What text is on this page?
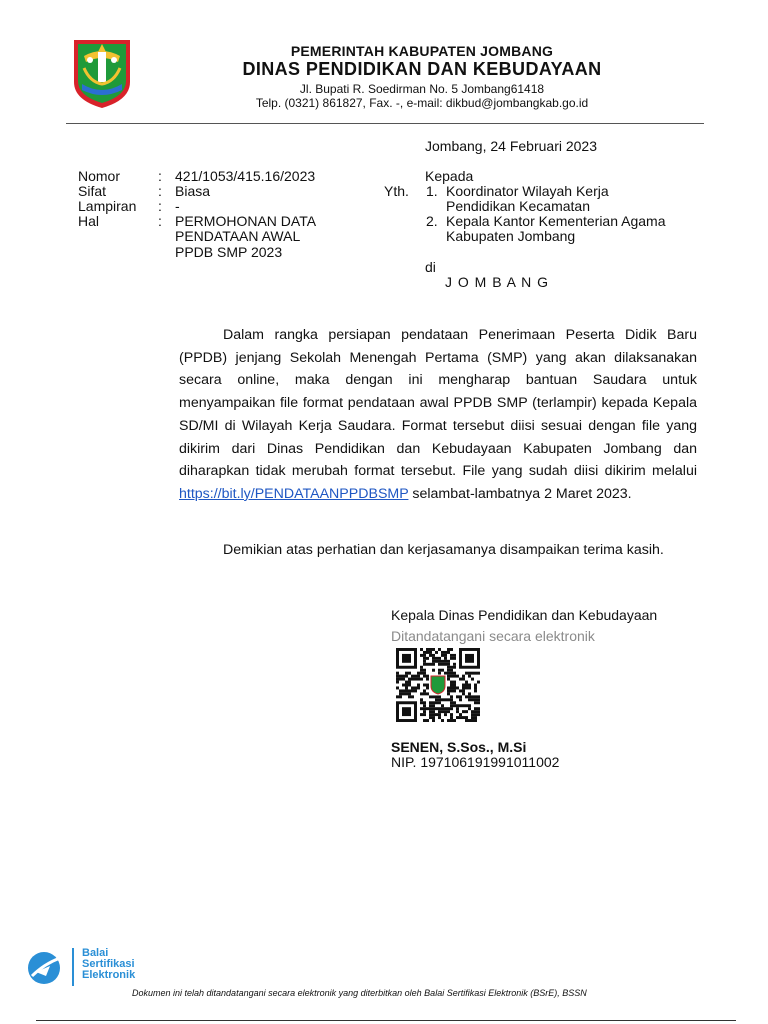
PEMERINTAH KABUPATEN JOMBANG
DINAS PENDIDIKAN DAN KEBUDAYAAN
Jl. Bupati R. Soedirman No. 5 Jombang61418
Telp. (0321) 861827, Fax. -, e-mail: dikbud@jombangkab.go.id
Jombang, 24 Februari 2023
Nomor	: 421/1053/415.16/2023
Sifat	: Biasa
Lampiran : -
Hal	: PERMOHONAN DATA
PENDATAAN AWAL
PPDB SMP 2023
Kepada
Yth. 1. Koordinator Wilayah Kerja
Pendidikan Kecamatan
2. Kepala Kantor Kementerian Agama
Kabupaten Jombang
di
J O M B A N G
Dalam rangka persiapan pendataan Penerimaan Peserta Didik Baru (PPDB) jenjang Sekolah Menengah Pertama (SMP) yang akan dilaksanakan secara online, maka dengan ini mengharap bantuan Saudara untuk menyampaikan file format pendataan awal PPDB SMP (terlampir) kepada Kepala SD/MI di Wilayah Kerja Saudara. Format tersebut diisi sesuai dengan file yang dikirim dari Dinas Pendidikan dan Kebudayaan Kabupaten Jombang dan diharapkan tidak merubah format tersebut. File yang sudah diisi dikirim melalui https://bit.ly/PENDATAANPPDBSMP selambat-lambatnya 2 Maret 2023.
Demikian atas perhatian dan kerjasamanya disampaikan terima kasih.
Kepala Dinas Pendidikan dan Kebudayaan
Ditandatangani secara elektronik
SENEN, S.Sos., M.Si
NIP. 197106191991011002
Balai
Sertifikasi
Elektronik
Dokumen ini telah ditandatangani secara elektronik yang diterbitkan oleh Balai Sertifikasi Elektronik (BSrE), BSSN
